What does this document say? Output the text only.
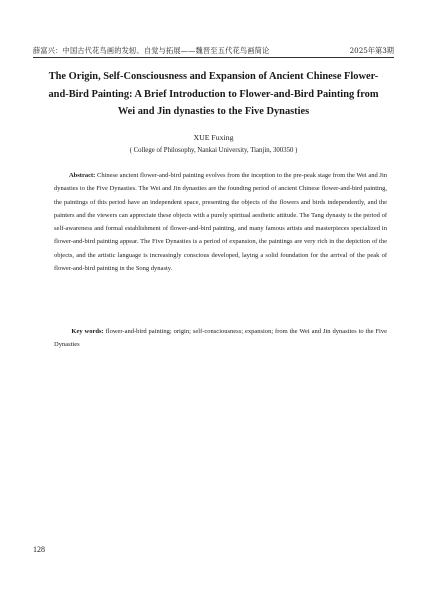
薛富兴：中国古代花鸟画的发轫、自觉与拓展——魏晋至五代花鸟画简论	2025年第3期
The Origin, Self-Consciousness and Expansion of Ancient Chinese Flower-and-Bird Painting: A Brief Introduction to Flower-and-Bird Painting from Wei and Jin dynasties to the Five Dynasties
XUE Fuxing
( College of Philosophy, Nankai University, Tianjin, 300350 )

Abstract: Chinese ancient flower-and-bird painting evolves from the inception to the pre-peak stage from the Wei and Jin dynasties to the Five Dynasties. The Wei and Jin dynasties are the founding period of ancient Chinese flower-and-bird painting, the paintings of this period have an independent space, presenting the objects of the flowers and birds independently, and the painters and the viewers can appreciate these objects with a purely spiritual aesthetic attitude. The Tang dynasty is the period of self-awareness and formal establishment of flower-and-bird painting, and many famous artists and masterpieces specialized in flower-and-bird painting appear. The Five Dynasties is a period of expansion, the paintings are very rich in the depiction of the objects, and the artistic language is increasingly conscious developed, laying a solid foundation for the arrival of the peak of flower-and-bird painting in the Song dynasty.

Key words: flower-and-bird painting; origin; self-consciousness; expansion; from the Wei and Jin dynasties to the Five Dynasties

128
